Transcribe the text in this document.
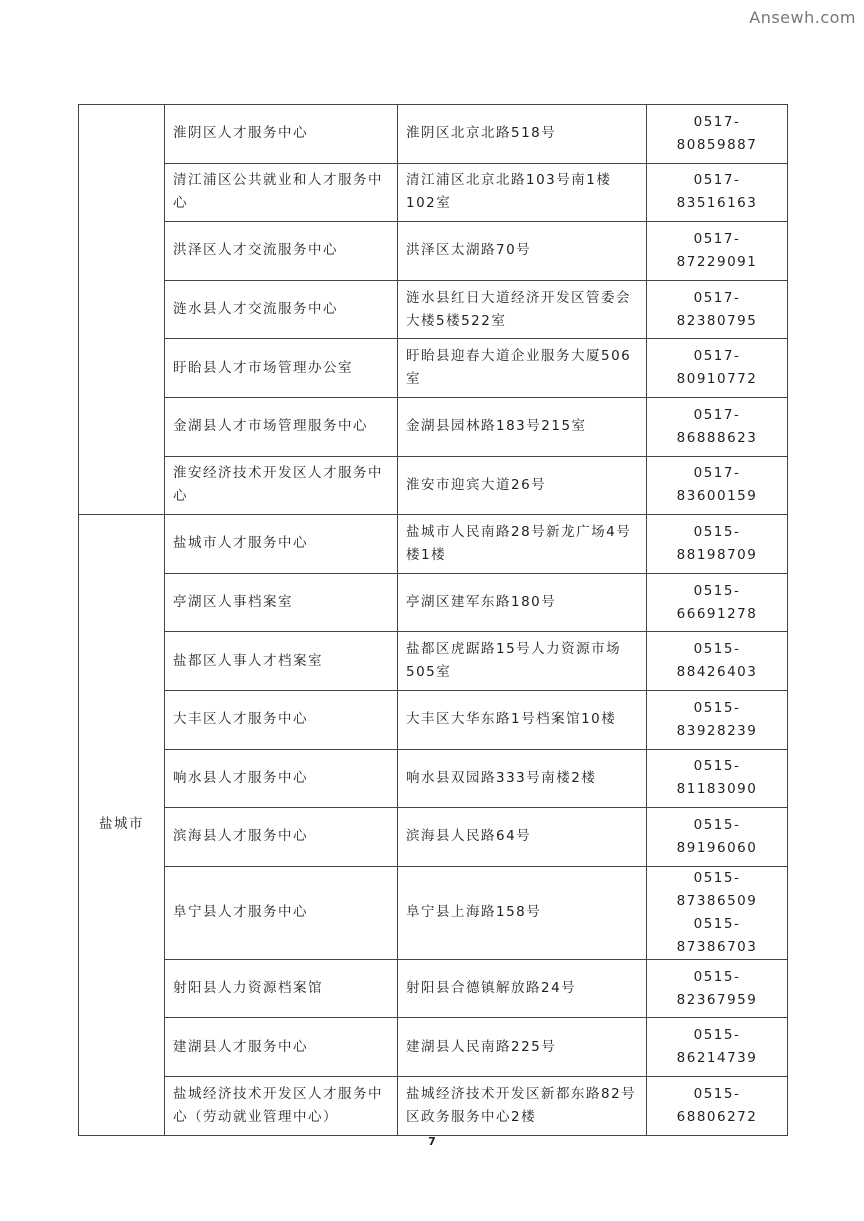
Ansewh.com
	淮阴区人才服务中心	淮阴区北京北路518号	0517-80859887

	清江浦区公共就业和人才服务中心	清江浦区北京北路103号南1楼102室	0517-83516163

	洪泽区人才交流服务中心	洪泽区太湖路70号	0517-87229091

	涟水县人才交流服务中心	涟水县红日大道经济开发区管委会大楼5楼522室	0517-82380795

	盱眙县人才市场管理办公室	盱眙县迎春大道企业服务大厦506室	0517-80910772

	金湖县人才市场管理服务中心	金湖县园林路183号215室	0517-86888623

	淮安经济技术开发区人才服务中心	淮安市迎宾大道26号	0517-83600159

盐城市	盐城市人才服务中心	盐城市人民南路28号新龙广场4号楼1楼	0515-88198709

	亭湖区人事档案室	亭湖区建军东路180号	0515-66691278

	盐都区人事人才档案室	盐都区虎踞路15号人力资源市场505室	0515-88426403

	大丰区人才服务中心	大丰区大华东路1号档案馆10楼	0515-83928239

	响水县人才服务中心	响水县双园路333号南楼2楼	0515-81183090

	滨海县人才服务中心	滨海县人民路64号	0515-89196060

	阜宁县人才服务中心	阜宁县上海路158号	0515-87386509
0515-87386703

	射阳县人力资源档案馆	射阳县合德镇解放路24号	0515-82367959

	建湖县人才服务中心	建湖县人民南路225号	0515-86214739

	盐城经济技术开发区人才服务中心（劳动就业管理中心）	盐城经济技术开发区新都东路82号区政务服务中心2楼	0515-68806272
7
